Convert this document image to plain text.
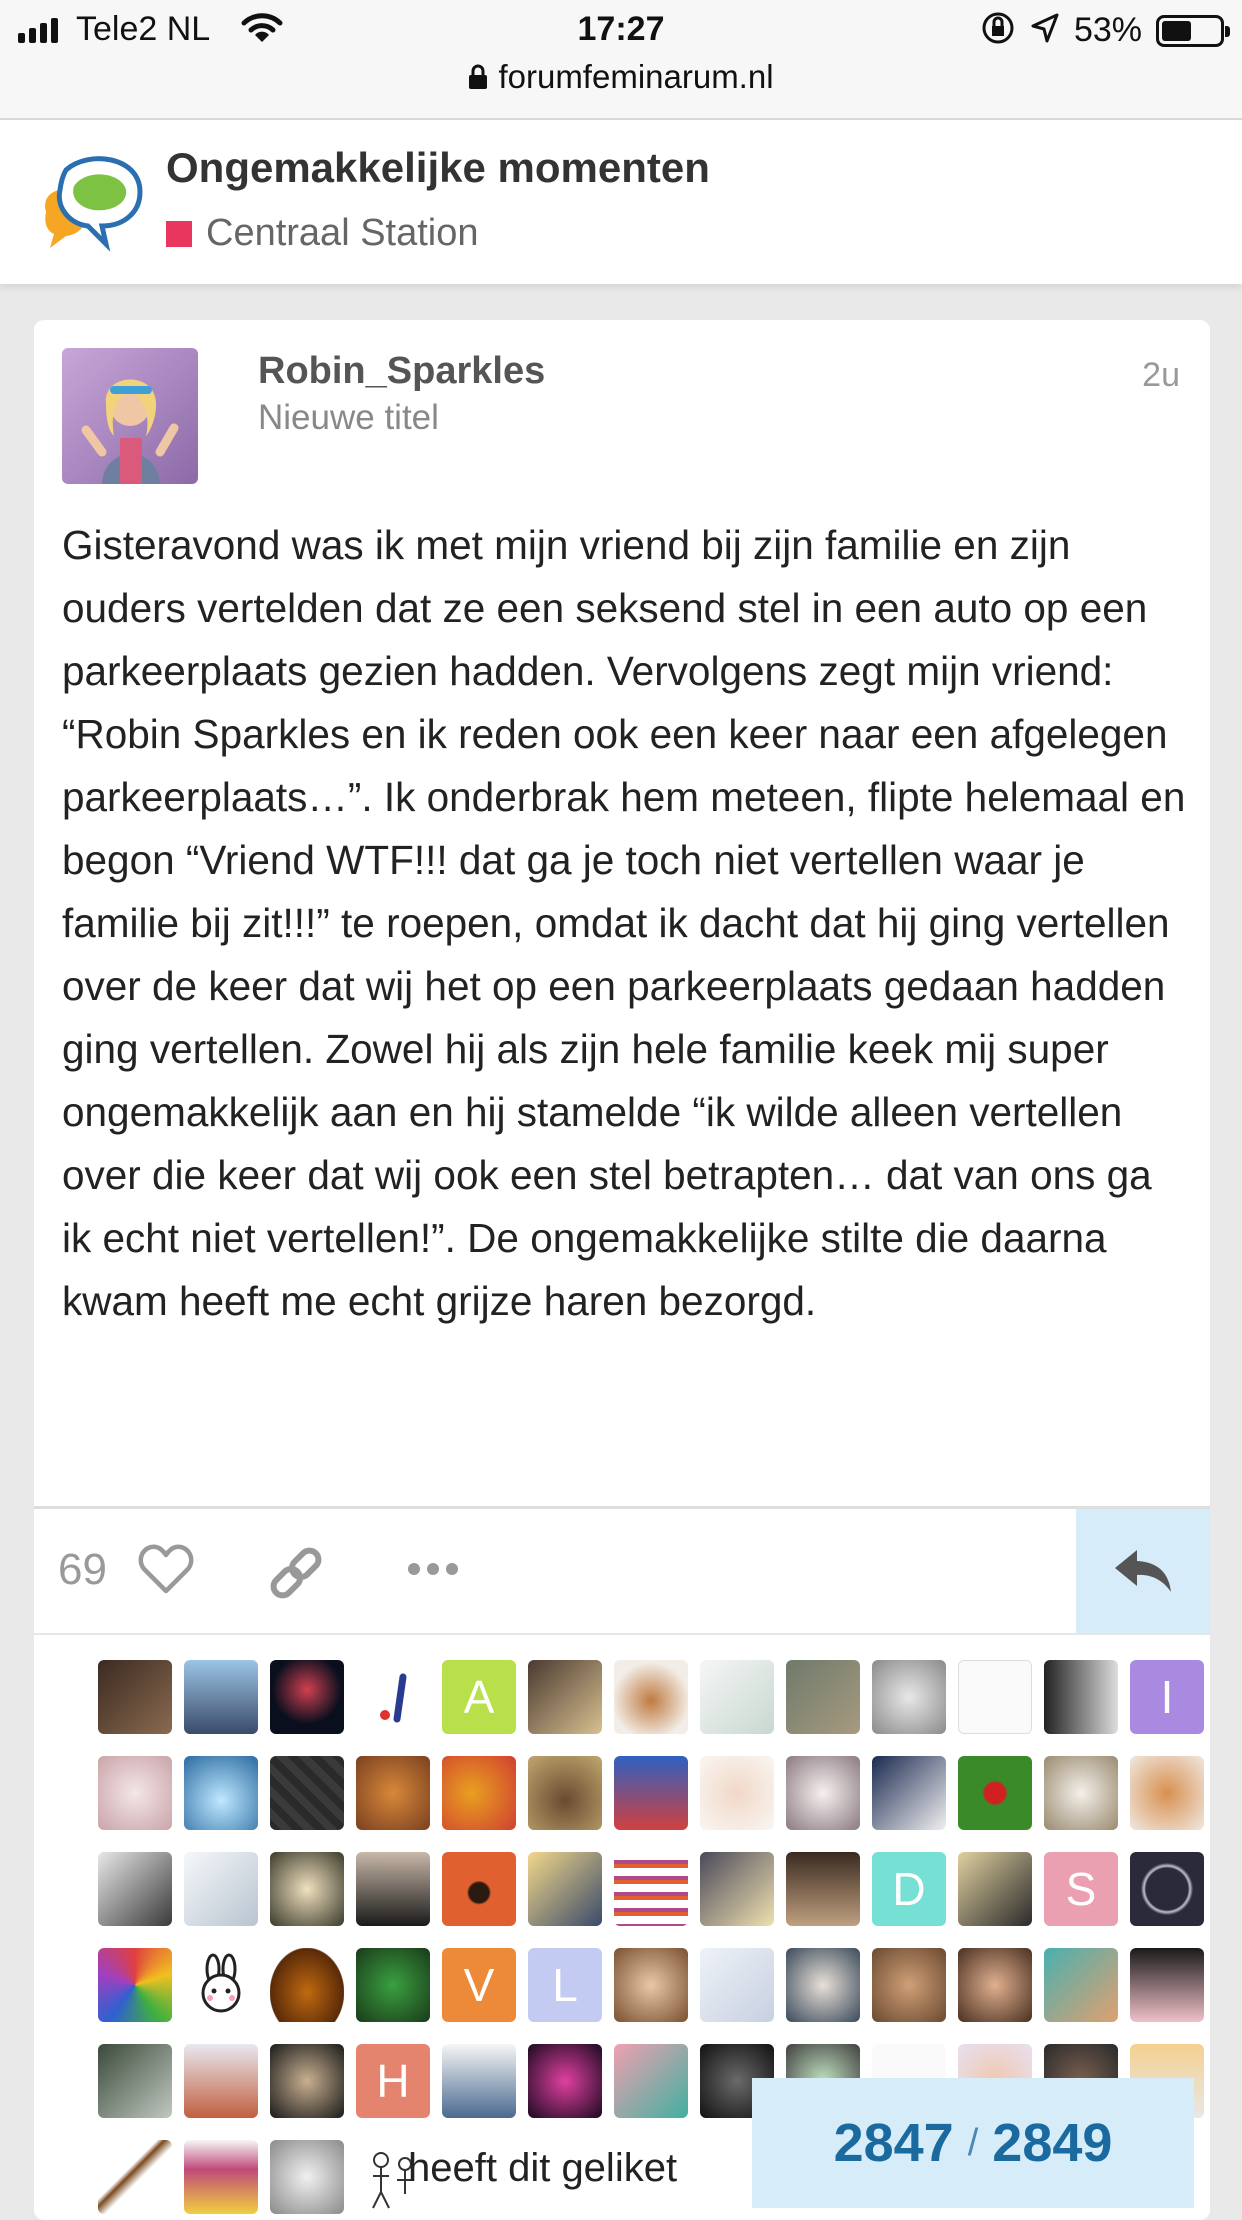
Tele2 NL	17:27	53%
forumfeminarum.nl
Ongemakkelijke momenten
Centraal Station
Robin_Sparkles
Nieuwe titel
2u
Gisteravond was ik met mijn vriend bij zijn familie en zijn ouders vertelden dat ze een seksend stel in een auto op een parkeerplaats gezien hadden. Vervolgens zegt mijn vriend: “Robin Sparkles en ik reden ook een keer naar een afgelegen parkeerplaats…”. Ik onderbrak hem meteen, flipte helemaal en begon “Vriend WTF!!! dat ga je toch niet vertellen waar je familie bij zit!!!” te roepen, omdat ik dacht dat hij ging vertellen over de keer dat wij het op een parkeerplaats gedaan hadden ging vertellen. Zowel hij als zijn hele familie keek mij super ongemakkelijk aan en hij stamelde “ik wilde alleen vertellen over die keer dat wij ook een stel betrapten… dat van ons ga ik echt niet vertellen!”. De ongemakkelijke stilte die daarna kwam heeft me echt grijze haren bezorgd.
69
A	I
D	S
V L
H
heeft dit geliket	2847 / 2849
